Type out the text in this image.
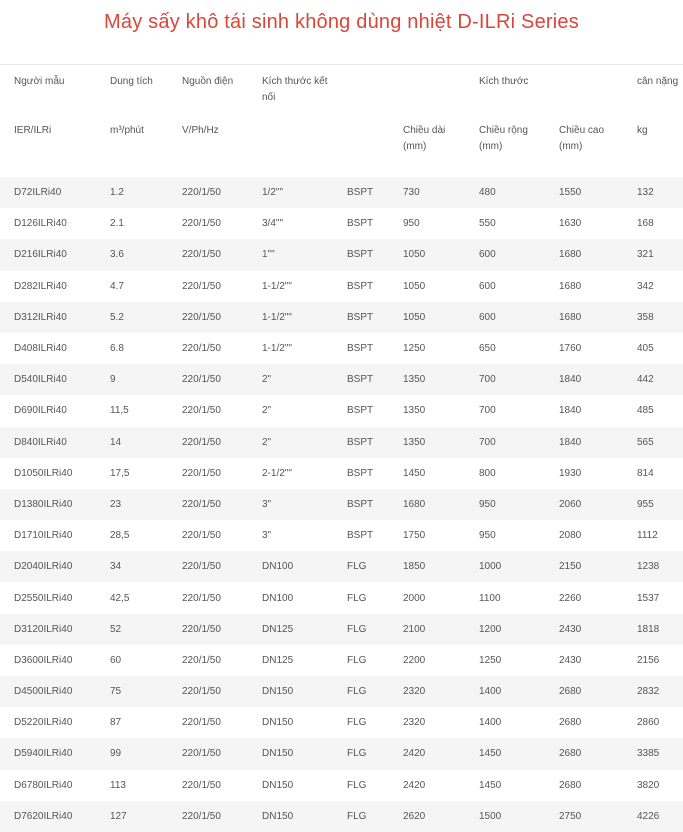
Máy sấy khô tái sinh không dùng nhiệt D-ILRi Series
Người mẫu	Dung tích	Nguồn điện	Kích thước kết nối			Kích thước		cân nặng
IER/ILRi	m³/phút	V/Ph/Hz			Chiều dài (mm)	Chiều rộng (mm)	Chiều cao (mm)	kg
D72ILRi40	1.2	220/1/50	1/2""	BSPT	730	480	1550	132
D126ILRi40	2.1	220/1/50	3/4""	BSPT	950	550	1630	168
D216ILRi40	3.6	220/1/50	1""	BSPT	1050	600	1680	321
D282ILRi40	4.7	220/1/50	1-1/2""	BSPT	1050	600	1680	342
D312ILRi40	5.2	220/1/50	1-1/2""	BSPT	1050	600	1680	358
D408ILRi40	6.8	220/1/50	1-1/2""	BSPT	1250	650	1760	405
D540ILRi40	9	220/1/50	2"	BSPT	1350	700	1840	442
D690ILRi40	11,5	220/1/50	2"	BSPT	1350	700	1840	485
D840ILRi40	14	220/1/50	2"	BSPT	1350	700	1840	565
D1050ILRi40	17,5	220/1/50	2-1/2""	BSPT	1450	800	1930	814
D1380ILRi40	23	220/1/50	3"	BSPT	1680	950	2060	955
D1710ILRi40	28,5	220/1/50	3"	BSPT	1750	950	2080	1112
D2040ILRi40	34	220/1/50	DN100	FLG	1850	1000	2150	1238
D2550ILRi40	42,5	220/1/50	DN100	FLG	2000	1100	2260	1537
D3120ILRi40	52	220/1/50	DN125	FLG	2100	1200	2430	1818
D3600ILRi40	60	220/1/50	DN125	FLG	2200	1250	2430	2156
D4500ILRi40	75	220/1/50	DN150	FLG	2320	1400	2680	2832
D5220ILRi40	87	220/1/50	DN150	FLG	2320	1400	2680	2860
D5940ILRi40	99	220/1/50	DN150	FLG	2420	1450	2680	3385
D6780ILRi40	113	220/1/50	DN150	FLG	2420	1450	2680	3820
D7620ILRi40	127	220/1/50	DN150	FLG	2620	1500	2750	4226
